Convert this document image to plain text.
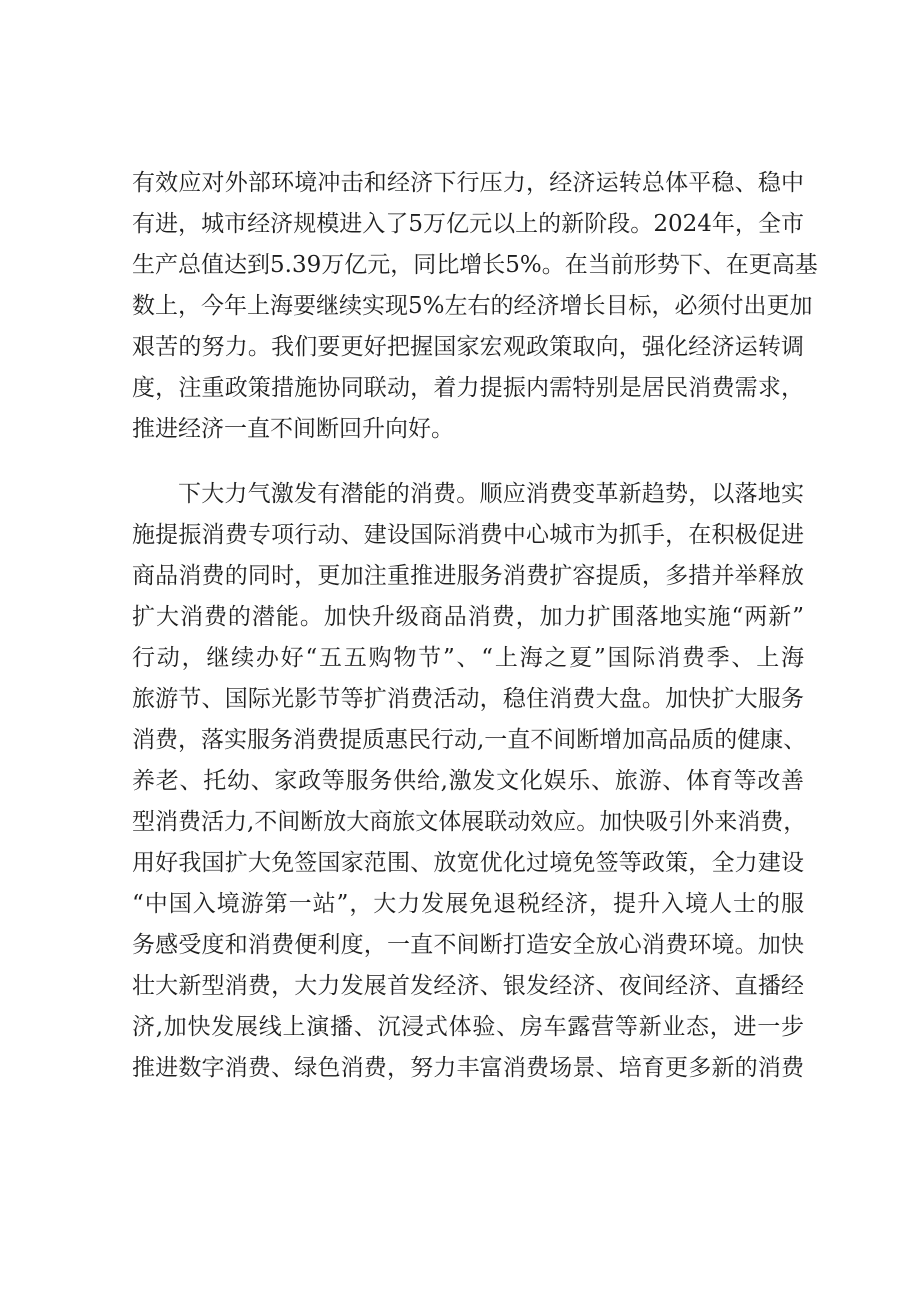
有效应对外部环境冲击和经济下行压力，经济运转总体平稳、稳中
有进，城市经济规模进入了5万亿元以上的新阶段。2024年，全市
生产总值达到5.39万亿元，同比增长5%。在当前形势下、在更高基
数上，今年上海要继续实现5%左右的经济增长目标，必须付出更加
艰苦的努力。我们要更好把握国家宏观政策取向，强化经济运转调
度，注重政策措施协同联动，着力提振内需特别是居民消费需求，
推进经济一直不间断回升向好。

下大力气激发有潜能的消费。顺应消费变革新趋势，以落地实
施提振消费专项行动、建设国际消费中心城市为抓手，在积极促进
商品消费的同时，更加注重推进服务消费扩容提质，多措并举释放
扩大消费的潜能。加快升级商品消费，加力扩围落地实施“两新”
行动，继续办好“五五购物节”、“上海之夏”国际消费季、上海
旅游节、国际光影节等扩消费活动，稳住消费大盘。加快扩大服务
消费，落实服务消费提质惠民行动,一直不间断增加高品质的健康、
养老、托幼、家政等服务供给,激发文化娱乐、旅游、体育等改善
型消费活力,不间断放大商旅文体展联动效应。加快吸引外来消费，
用好我国扩大免签国家范围、放宽优化过境免签等政策，全力建设
“中国入境游第一站”，大力发展免退税经济，提升入境人士的服
务感受度和消费便利度，一直不间断打造安全放心消费环境。加快
壮大新型消费，大力发展首发经济、银发经济、夜间经济、直播经
济,加快发展线上演播、沉浸式体验、房车露营等新业态，进一步
推进数字消费、绿色消费，努力丰富消费场景、培育更多新的消费
